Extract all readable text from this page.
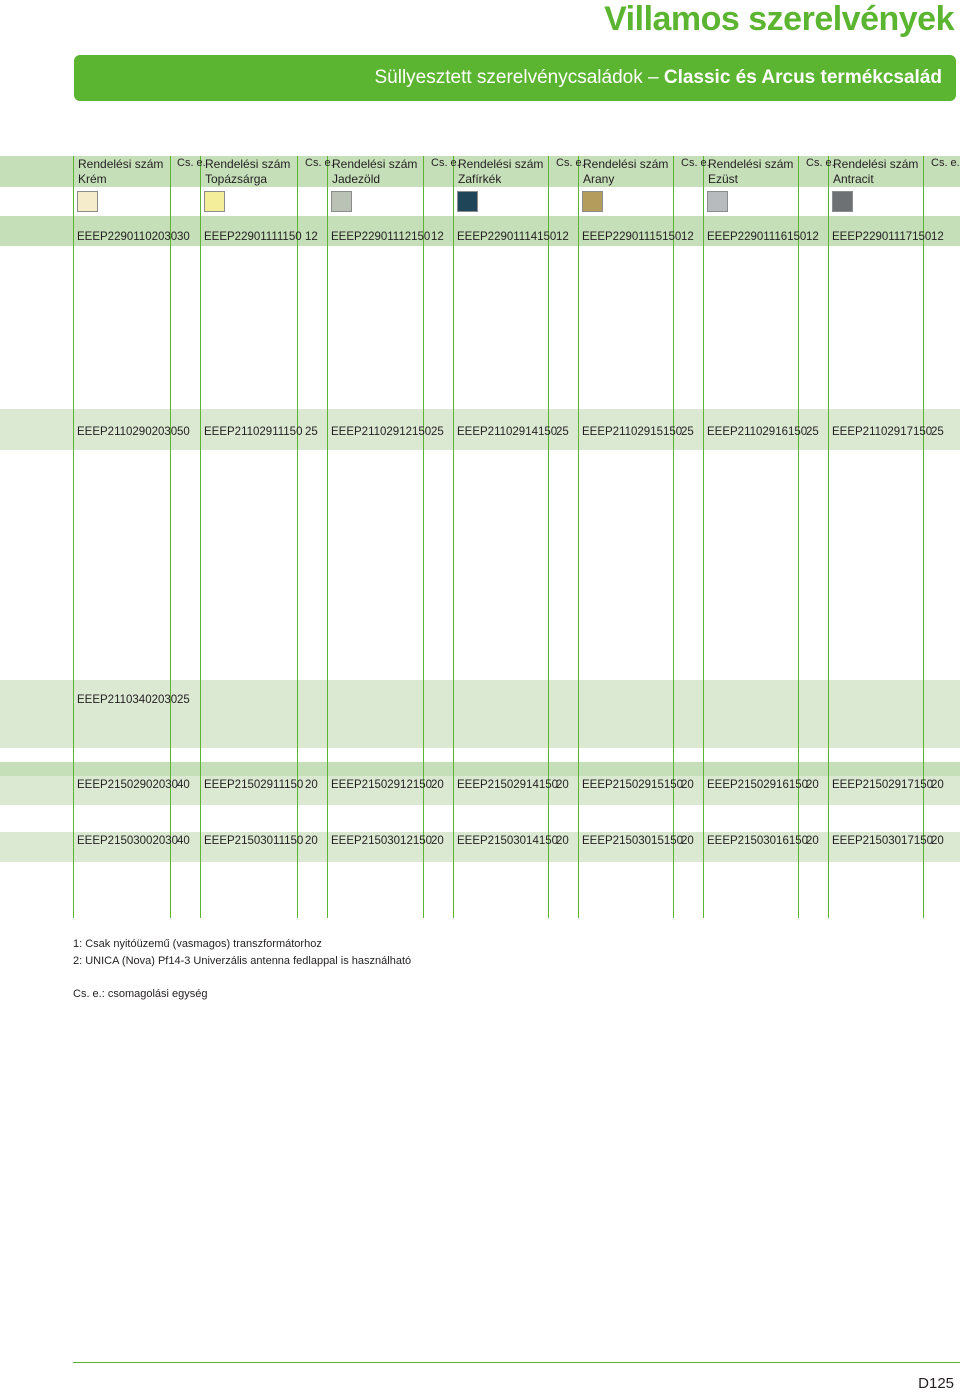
Villamos szerelvények
Süllyesztett szerelvénycsaládok – Classic és Arcus termékcsalád
Rendelési szám
Krém
Cs. e. Rendelési szám
Topázsárga
Cs. e.
Rendelési szám
Jadezöld
Cs. e.
Rendelési szám
Zafírkék
Cs. e.
Rendelési szám
Arany
Cs. e.
Rendelési szám
Ezüst
Cs. e.
Rendelési szám
Antracit
Cs. e.
EEEP22901102030 30 EEEP22901111150 12 EEEP22901112150 12 EEEP22901114150 12 EEEP22901115150 12 EEEP22901116150 12 EEEP22901117150 12
EEEP21102902030 50 EEEP21102911150 25 EEEP21102912150 25 EEEP21102914150
25 EEEP21102915150
25 EEEP21102916150
25 EEEP21102917150
25
EEEP21103402030 25
EEEP21502902030
40 EEEP21502911150 20 EEEP21502912150
20 EEEP21502914150
20 EEEP21502915150
20 EEEP21502916150
20 EEEP21502917150
20
EEEP21503002030
40 EEEP21503011150 20 EEEP21503012150
20 EEEP21503014150
20 EEEP21503015150
20 EEEP21503016150
20 EEEP21503017150
20
1: Csak nyitóüzemű (vasmagos) transzformátorhoz
2: UNICA (Nova) Pf14-3 Univerzális antenna fedlappal is használható
Cs. e.: csomagolási egység
D125
